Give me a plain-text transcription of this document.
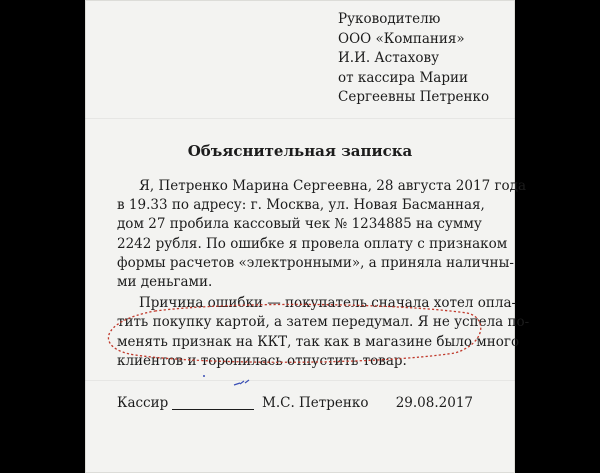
Руководителю
ООО «Компания»
И.И. Астахову
от кассира Марии
Сергеевны Петренко
Объяснительная записка
Я, Петренко Марина Сергеевна, 28 августа 2017 года
в 19.33 по адресу: г. Москва, ул. Новая Басманная,
дом 27 пробила кассовый чек № 1234885 на сумму
2242 рубля. По ошибке я провела оплату с признаком
формы расчетов «электронными», а приняла наличны-
ми деньгами.
Причина ошибки — покупатель сначала хотел опла-
тить покупку картой, а затем передумал. Я не успела по-
менять признак на ККТ, так как в магазине было много
клиентов и торопилась отпустить товар.
Кассир	М.С. Петренко 29.08.2017
